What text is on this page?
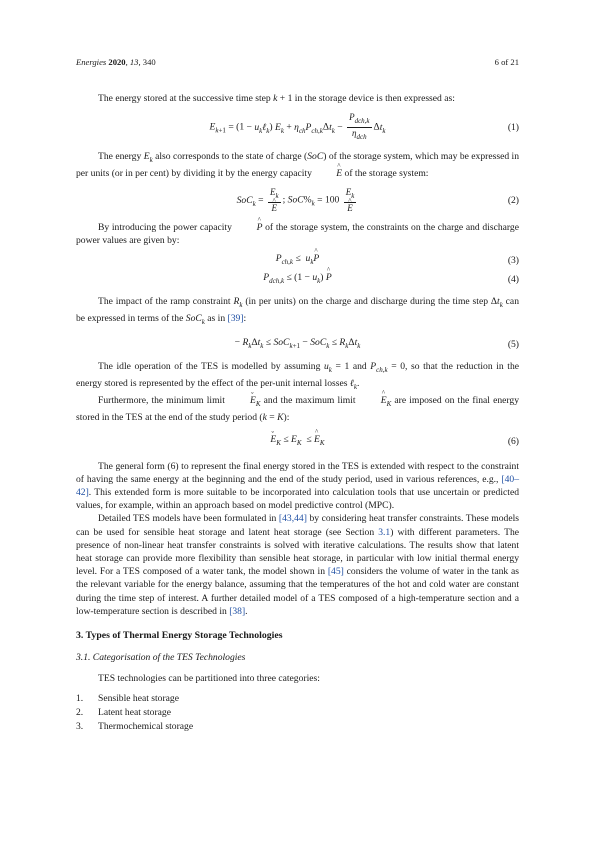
Energies 2020, 13, 340	6 of 21

The energy stored at the successive time step k + 1 in the storage device is then expressed as:

$E_{k+1} = (1$ − $u_k\ell_k$) $E_k + \eta_{ch}P_{ch,k}\Delta t_k - \frac{P_{dch,k}}{\eta_{dch}} \Delta t_k$	(1)

The energy $E_k$ also corresponds to the state of charge (SoC) of the storage system, which may be expressed in per units (or in per cent) by dividing it by the energy capacity ^ E of the storage system:

$SoC_k = E_k$
^ E ; $SoC\%_k = 100$ $E_k$
^ E	(2)

By introducing the power capacity ^ P of the storage system, the constraints on the charge and discharge power values are given by:

$P_{ch,k}$ ≤  $u_k\^{}$ P	(3)
$P_{dch,k} \le (1 - u_k)$ ^ P	(4)

The impact of the ramp constraint $R_k$ (in per units) on the charge and discharge during the time step $\Delta t_k$ can be expressed in terms of the SoC$_k$ as in [39]:

− $R_k\Delta t_k \le SoC_{k+1} - SoC_k \le R_k\Delta t_k$	(5)

The idle operation of the TES is modelled by assuming $u_k = 1$ and $P_{ch,k} = 0$, so that the reduction in the energy stored is represented by the effect of the per-unit internal losses ℓ$_k$.

Furthermore, the minimum limit ˇ $E_K$ and the maximum limit ^ $E_K$ are imposed on the final energy stored in the TES at the end of the study period (k = K):

ˇ $E_K \le E_K$  ≤ ^ $E_K$	(6)

The general form (6) to represent the final energy stored in the TES is extended with respect to the constraint of having the same energy at the beginning and the end of the study period, used in various references, e.g., [40–42]. This extended form is more suitable to be incorporated into calculation tools that use uncertain or predicted values, for example, within an approach based on model predictive control (MPC).

Detailed TES models have been formulated in [43,44] by considering heat transfer constraints. These models can be used for sensible heat storage and latent heat storage (see Section 3.1) with different parameters. The presence of non-linear heat transfer constraints is solved with iterative calculations. The results show that latent heat storage can provide more flexibility than sensible heat storage, in particular with low initial thermal energy level. For a TES composed of a water tank, the model shown in [45] considers the volume of water in the tank as the relevant variable for the energy balance, assuming that the temperatures of the hot and cold water are constant during the time step of interest. A further detailed model of a TES composed of a high-temperature section and a low-temperature section is described in [38].

3. Types of Thermal Energy Storage Technologies
3.1. Categorisation of the TES Technologies

TES technologies can be partitioned into three categories:

1.	Sensible heat storage
2.	Latent heat storage
3.	Thermochemical storage
